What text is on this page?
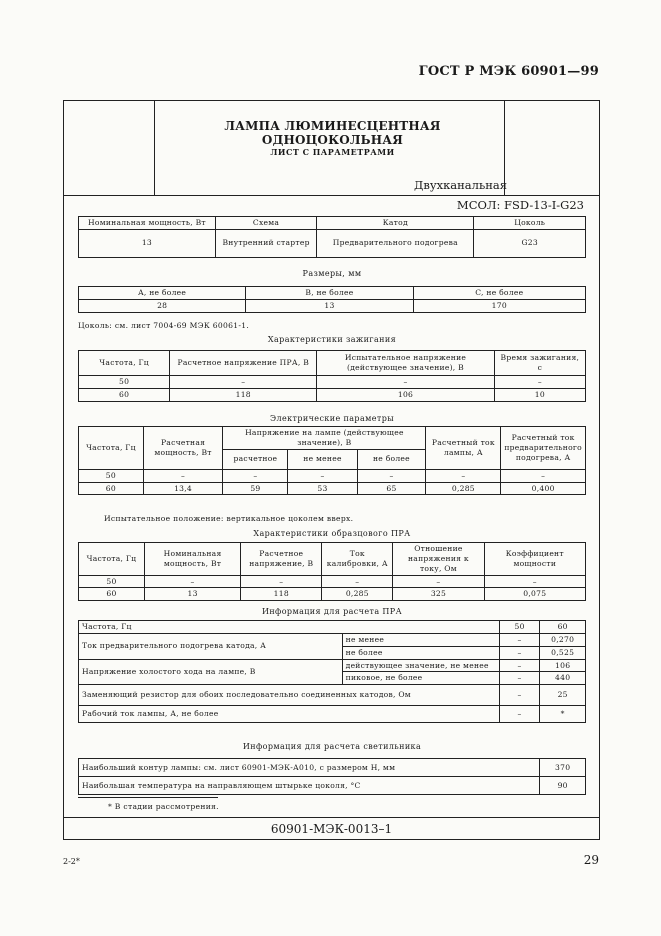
ГОСТ Р МЭК 60901—99
ЛАМПА ЛЮМИНЕСЦЕНТНАЯ ОДНОЦОКОЛЬНАЯ
ЛИСТ С ПАРАМЕТРАМИ
Двухканальная
МСОЛ: FSD-13-I-G23
Номинальная мощность, Вт	Схема	Катод	Цоколь
13	Внутренний стартер	Предварительного подогрева	G23
Размеры, мм
A, не более	B, не более	C, не более
28	13	170
Цоколь: см. лист 7004-69 МЭК 60061-1.
Характеристики зажигания
Частота, Гц	Расчетное напряжение ПРА, В	Испытательное напряжение (действующее значение), В	Время зажигания, с
50	–	–	–
60	118	106	10
Электрические параметры
Частота, Гц	Расчетная мощность, Вт	Напряжение на лампе (действующее значение), В			Расчетный ток лампы, А	Расчетный ток предварительного подогрева, А
		расчетное	не менее	не более		
50	–	–	–	–	–	–
60	13,4	59	53	65	0,285	0,400
Испытательное положение: вертикальное цоколем вверх.
Характеристики образцового ПРА
Частота, Гц	Номинальная мощность, Вт	Расчетное напряжение, В	Ток калибровки, А	Отношение напряжения к току, Ом	Коэффициент мощности
50	–	–	–	–	–
60	13	118	0,285	325	0,075
Информация для расчета ПРА
Частота, Гц		50	60
Ток предварительного подогрева катода, А	не менее	–	0,270
	не более	–	0,525
Напряжение холостого хода на лампе, В	действующее значение, не менее	–	106
	пиковое, не более	–	440
Заменяющий резистор для обоих последовательно соединенных катодов, Ом		–	25
Рабочий ток лампы, А, не более		–	*
Информация для расчета светильника
Наибольший контур лампы: см. лист 60901-МЭК-А010, с размером H, мм	370
Наибольшая температура на направляющем штырьке цоколя, °С	90
* В стадии рассмотрения.
60901-МЭК-0013–1
2-2*	29
